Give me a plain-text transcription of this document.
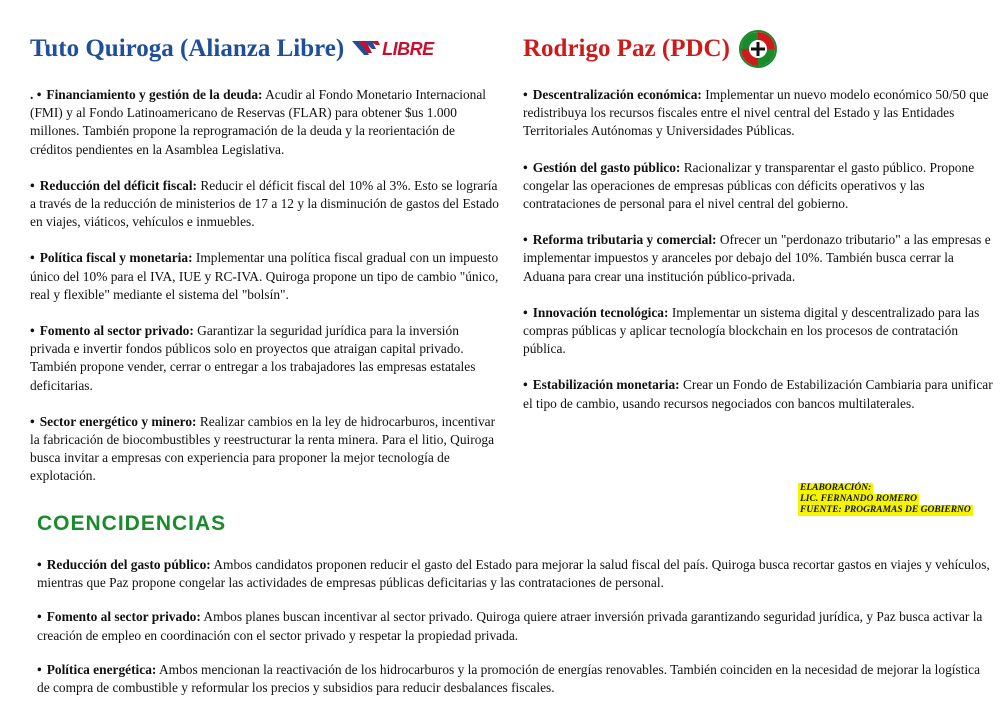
Tuto Quiroga (Alianza Libre) LIBRE
. • Financiamiento y gestión de la deuda: Acudir al Fondo Monetario Internacional (FMI) y al Fondo Latinoamericano de Reservas (FLAR) para obtener $us 1.000 millones. También propone la reprogramación de la deuda y la reorientación de créditos pendientes en la Asamblea Legislativa.
• Reducción del déficit fiscal: Reducir el déficit fiscal del 10% al 3%. Esto se lograría a través de la reducción de ministerios de 17 a 12 y la disminución de gastos del Estado en viajes, viáticos, vehículos e inmuebles.
• Política fiscal y monetaria: Implementar una política fiscal gradual con un impuesto único del 10% para el IVA, IUE y RC-IVA. Quiroga propone un tipo de cambio "único, real y flexible" mediante el sistema del "bolsín".
• Fomento al sector privado: Garantizar la seguridad jurídica para la inversión privada e invertir fondos públicos solo en proyectos que atraigan capital privado. También propone vender, cerrar o entregar a los trabajadores las empresas estatales deficitarias.
• Sector energético y minero: Realizar cambios en la ley de hidrocarburos, incentivar la fabricación de biocombustibles y reestructurar la renta minera. Para el litio, Quiroga busca invitar a empresas con experiencia para proponer la mejor tecnología de explotación.
Rodrigo Paz (PDC)
• Descentralización económica: Implementar un nuevo modelo económico 50/50 que redistribuya los recursos fiscales entre el nivel central del Estado y las Entidades Territoriales Autónomas y Universidades Públicas.
• Gestión del gasto público: Racionalizar y transparentar el gasto público. Propone congelar las operaciones de empresas públicas con déficits operativos y las contrataciones de personal para el nivel central del gobierno.
• Reforma tributaria y comercial: Ofrecer un "perdonazo tributario" a las empresas e implementar impuestos y aranceles por debajo del 10%. También busca cerrar la Aduana para crear una institución público-privada.
• Innovación tecnológica: Implementar un sistema digital y descentralizado para las compras públicas y aplicar tecnología blockchain en los procesos de contratación pública.
• Estabilización monetaria: Crear un Fondo de Estabilización Cambiaria para unificar el tipo de cambio, usando recursos negociados con bancos multilaterales.
ELABORACIÓN:
LIC. FERNANDO ROMERO
FUENTE: PROGRAMAS DE GOBIERNO
COENCIDENCIAS
• Reducción del gasto público: Ambos candidatos proponen reducir el gasto del Estado para mejorar la salud fiscal del país. Quiroga busca recortar gastos en viajes y vehículos, mientras que Paz propone congelar las actividades de empresas públicas deficitarias y las contrataciones de personal.
• Fomento al sector privado: Ambos planes buscan incentivar al sector privado. Quiroga quiere atraer inversión privada garantizando seguridad jurídica, y Paz busca activar la creación de empleo en coordinación con el sector privado y respetar la propiedad privada.
• Política energética: Ambos mencionan la reactivación de los hidrocarburos y la promoción de energías renovables. También coinciden en la necesidad de mejorar la logística de compra de combustible y reformular los precios y subsidios para reducir desbalances fiscales.
